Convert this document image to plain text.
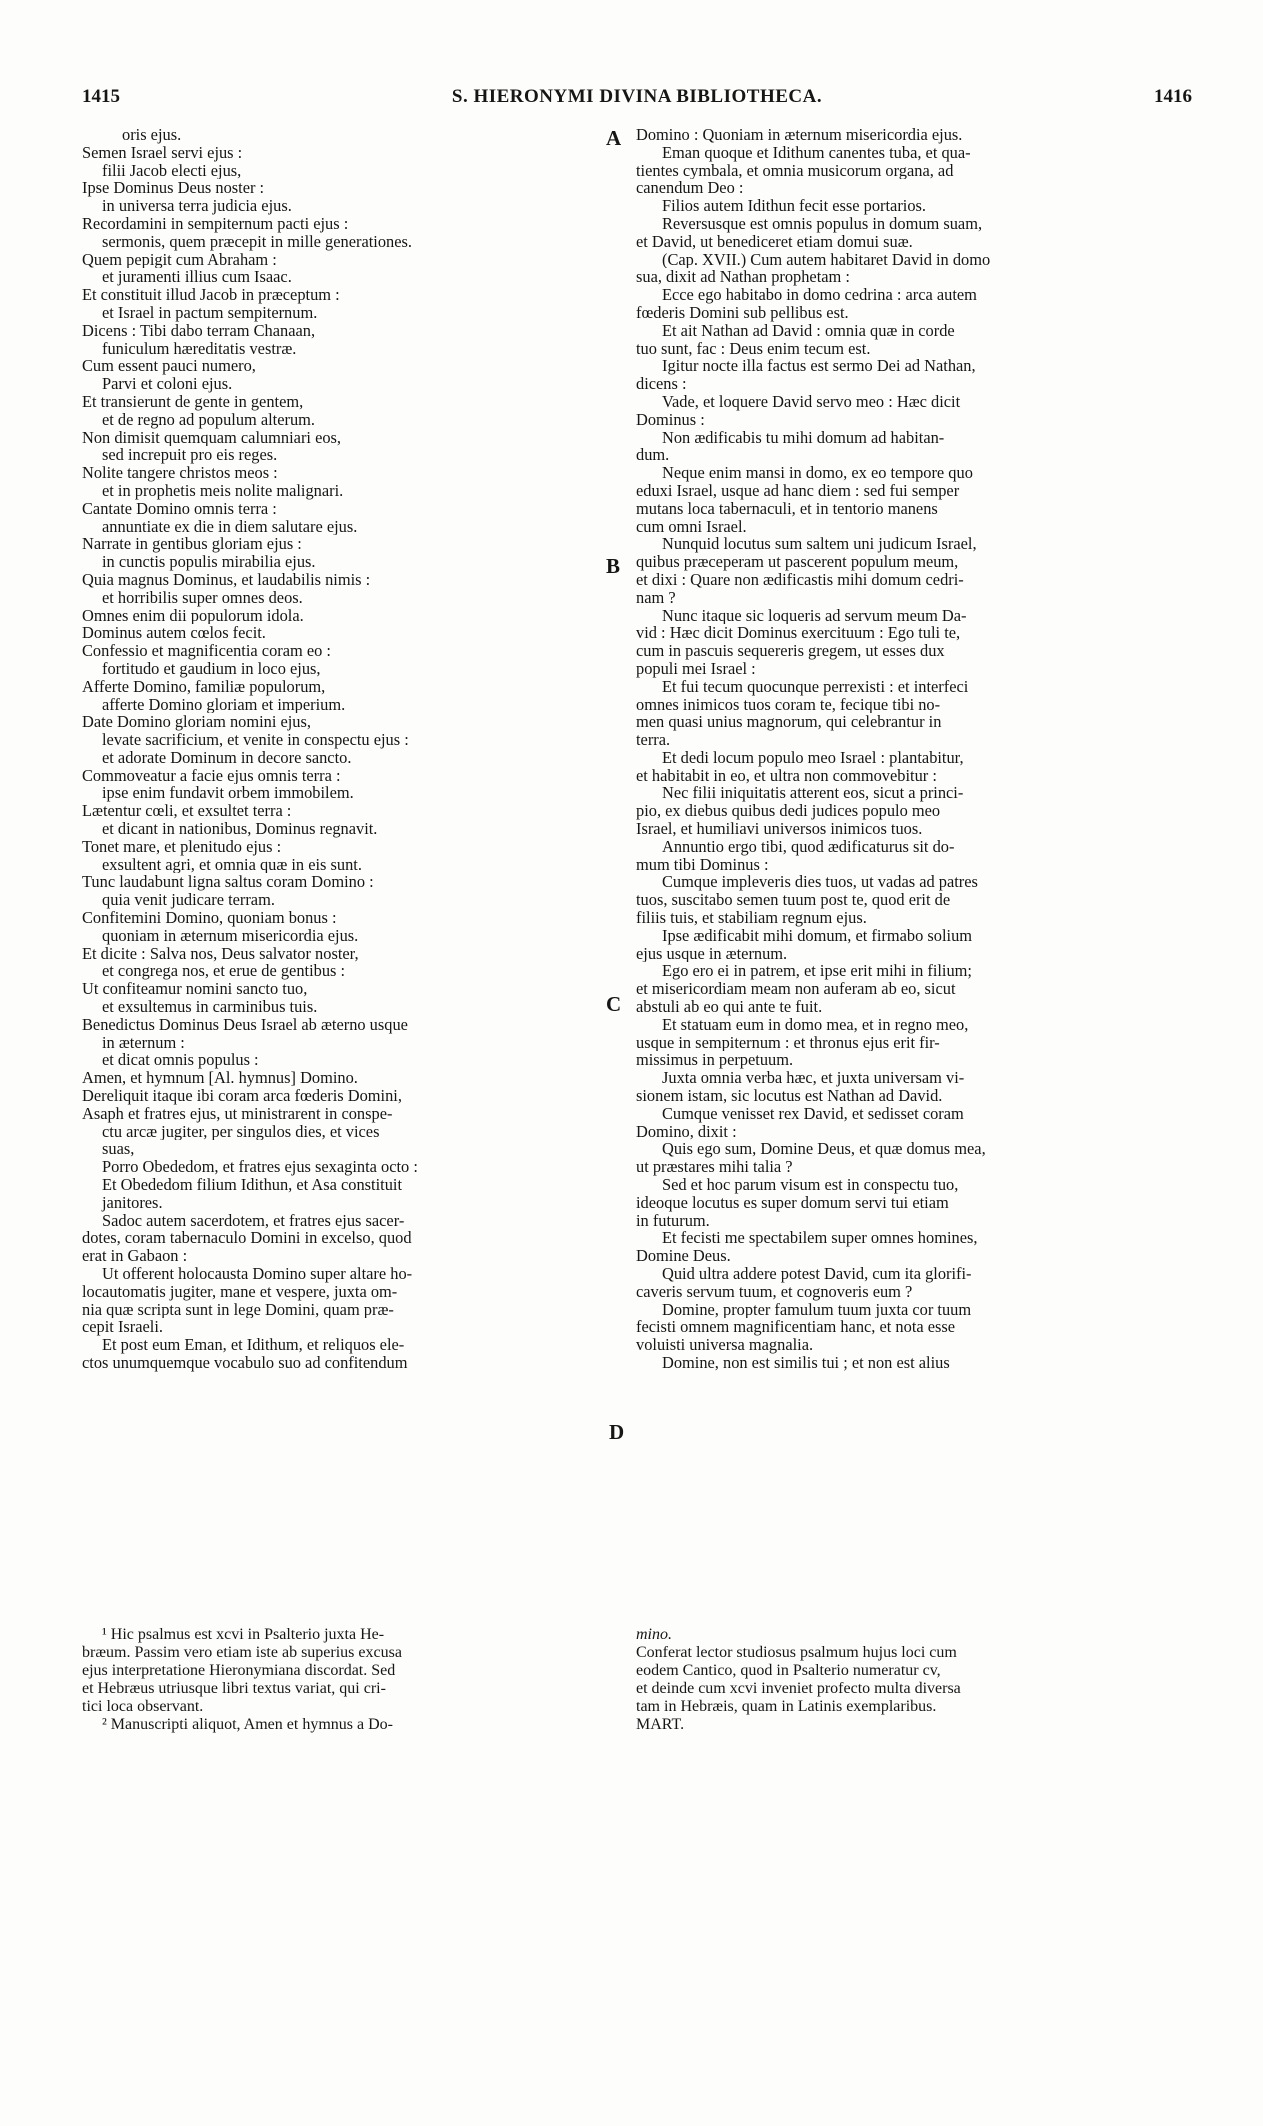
1415	S. HIERONYMI DIVINA BIBLIOTHECA.	1416
oris ejus.
Semen Israel servi ejus :
filii Jacob electi ejus,
Ipse Dominus Deus noster :
in universa terra judicia ejus.
Recordamini in sempiternum pacti ejus :
sermonis, quem præcepit in mille generationes.
Quem pepigit cum Abraham :
et juramenti illius cum Isaac.
Et constituit illud Jacob in præceptum :
et Israel in pactum sempiternum.
Dicens : Tibi dabo terram Chanaan,
funiculum hæreditatis vestræ.
Cum essent pauci numero,
Parvi et coloni ejus.
Et transierunt de gente in gentem,
et de regno ad populum alterum.
Non dimisit quemquam calumniari eos,
sed increpuit pro eis reges.
Nolite tangere christos meos :
et in prophetis meis nolite malignari.
Cantate Domino omnis terra :
annuntiate ex die in diem salutare ejus.
Narrate in gentibus gloriam ejus :
in cunctis populis mirabilia ejus.
Quia magnus Dominus, et laudabilis nimis :
et horribilis super omnes deos.
Omnes enim dii populorum idola.
Dominus autem cœlos fecit.
Confessio et magnificentia coram eo :
fortitudo et gaudium in loco ejus,
Afferte Domino, familiæ populorum,
afferte Domino gloriam et imperium.
Date Domino gloriam nomini ejus,
levate sacrificium, et venite in conspectu ejus :
et adorate Dominum in decore sancto.
Commoveatur a facie ejus omnis terra :
ipse enim fundavit orbem immobilem.
Lætentur cœli, et exsultet terra :
et dicant in nationibus, Dominus regnavit.
Tonet mare, et plenitudo ejus :
exsultent agri, et omnia quæ in eis sunt.
Tunc laudabunt ligna saltus coram Domino :
quia venit judicare terram.
Confitemini Domino, quoniam bonus :
quoniam in æternum misericordia ejus.
Et dicite : Salva nos, Deus salvator noster,
et congrega nos, et erue de gentibus :
Ut confiteamur nomini sancto tuo,
et exsultemus in carminibus tuis.
Benedictus Dominus Deus Israel ab æterno usque
in æternum :
et dicat omnis populus :
Amen, et hymnum [Al. hymnus] Domino.
Dereliquit itaque ibi coram arca fœderis Domini,
Asaph et fratres ejus, ut ministrarent in conspe-
ctu arcæ jugiter, per singulos dies, et vices
suas,
Porro Obededom, et fratres ejus sexaginta octo :
Et Obededom filium Idithun, et Asa constituit
janitores.
Sadoc autem sacerdotem, et fratres ejus sacer-
dotes, coram tabernaculo Domini in excelso, quod
erat in Gabaon :
Ut offerent holocausta Domino super altare ho-
locautomatis jugiter, mane et vespere, juxta om-
nia quæ scripta sunt in lege Domini, quam præ-
cepit Israeli.
Et post eum Eman, et Idithum, et reliquos ele-
ctos unumquemque vocabulo suo ad confitendum
Domino : Quoniam in æternum misericordia ejus.
Eman quoque et Idithum canentes tuba, et qua-
tientes cymbala, et omnia musicorum organa, ad
canendum Deo :
Filios autem Idithun fecit esse portarios.
Reversusque est omnis populus in domum suam,
et David, ut benediceret etiam domui suæ.
(Cap. XVII.) Cum autem habitaret David in domo
sua, dixit ad Nathan prophetam :
Ecce ego habitabo in domo cedrina : arca autem
fœderis Domini sub pellibus est.
Et ait Nathan ad David : omnia quæ in corde
tuo sunt, fac : Deus enim tecum est.
Igitur nocte illa factus est sermo Dei ad Nathan,
dicens :
Vade, et loquere David servo meo : Hæc dicit
Dominus :
Non ædificabis tu mihi domum ad habitan-
dum.
Neque enim mansi in domo, ex eo tempore quo
eduxi Israel, usque ad hanc diem : sed fui semper
mutans loca tabernaculi, et in tentorio manens
cum omni Israel.
Nunquid locutus sum saltem uni judicum Israel,
quibus præceperam ut pascerent populum meum,
et dixi : Quare non ædificastis mihi domum cedri-
nam ?
Nunc itaque sic loqueris ad servum meum Da-
vid : Hæc dicit Dominus exercituum : Ego tuli te,
cum in pascuis sequereris gregem, ut esses dux
populi mei Israel :
Et fui tecum quocunque perrexisti : et interfeci
omnes inimicos tuos coram te, fecique tibi no-
men quasi unius magnorum, qui celebrantur in
terra.
Et dedi locum populo meo Israel : plantabitur,
et habitabit in eo, et ultra non commovebitur :
Nec filii iniquitatis atterent eos, sicut a princi-
pio, ex diebus quibus dedi judices populo meo
Israel, et humiliavi universos inimicos tuos.
Annuntio ergo tibi, quod ædificaturus sit do-
mum tibi Dominus :
Cumque impleveris dies tuos, ut vadas ad patres
tuos, suscitabo semen tuum post te, quod erit de
filiis tuis, et stabiliam regnum ejus.
Ipse ædificabit mihi domum, et firmabo solium
ejus usque in æternum.
Ego ero ei in patrem, et ipse erit mihi in filium;
et misericordiam meam non auferam ab eo, sicut
abstuli ab eo qui ante te fuit.
Et statuam eum in domo mea, et in regno meo,
usque in sempiternum : et thronus ejus erit fir-
missimus in perpetuum.
Juxta omnia verba hæc, et juxta universam vi-
sionem istam, sic locutus est Nathan ad David.
Cumque venisset rex David, et sedisset coram
Domino, dixit :
Quis ego sum, Domine Deus, et quæ domus mea,
ut præstares mihi talia ?
Sed et hoc parum visum est in conspectu tuo,
ideoque locutus es super domum servi tui etiam
in futurum.
Et fecisti me spectabilem super omnes homines,
Domine Deus.
Quid ultra addere potest David, cum ita glorifi-
caveris servum tuum, et cognoveris eum ?
Domine, propter famulum tuum juxta cor tuum
fecisti omnem magnificentiam hanc, et nota esse
voluisti universa magnalia.
Domine, non est similis tui ; et non est alius
A
B
C
D
¹ Hic psalmus est xcvi in Psalterio juxta He-
bræum. Passim vero etiam iste ab superius excusa
ejus interpretatione Hieronymiana discordat. Sed
et Hebræus utriusque libri textus variat, qui cri-
tici loca observant.
² Manuscripti aliquot, Amen et hymnus a Do-
mino.
Conferat lector studiosus psalmum hujus loci cum
eodem Cantico, quod in Psalterio numeratur cv,
et deinde cum xcvi inveniet profecto multa diversa
tam in Hebræis, quam in Latinis exemplaribus.
MART.
